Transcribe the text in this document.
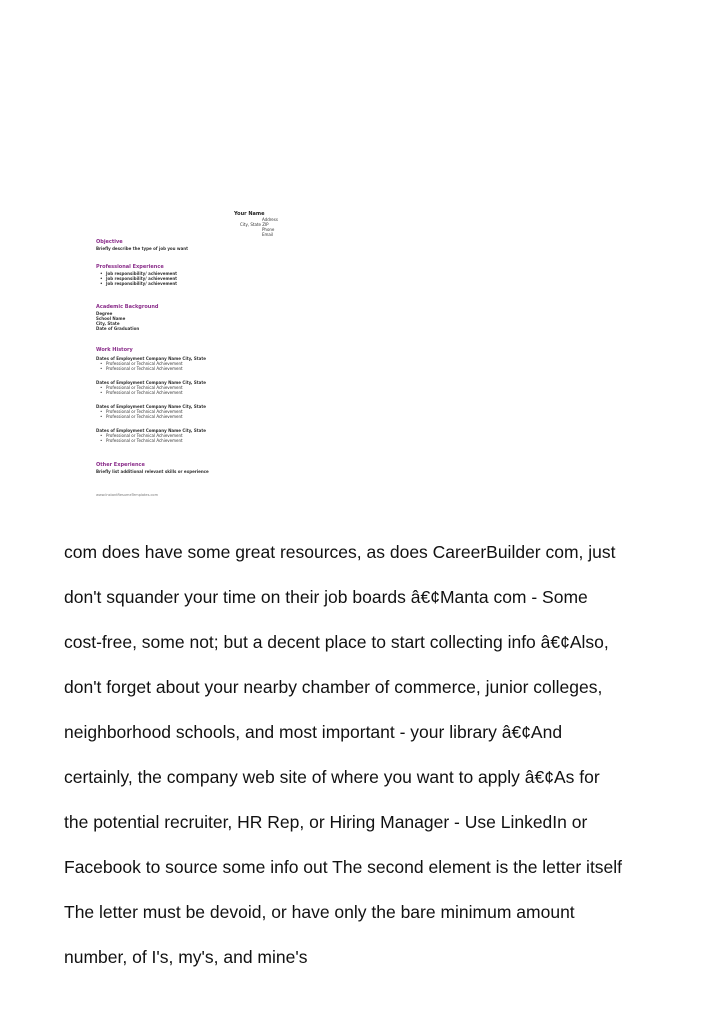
Your Name
Address
City, State ZIP
Phone
Email
Objective
Briefly describe the type of job you want
Professional Experience
• Job responsibility/ achievement
• Job responsibility/ achievement
• Job responsibility/ achievement
Academic Background
Degree
School Name
City, State
Date of Graduation
Work History
Dates of Employment Company Name City, State
• Professional or Technical Achievement
• Professional or Technical Achievement
Dates of Employment Company Name City, State
• Professional or Technical Achievement
• Professional or Technical Achievement
Dates of Employment Company Name City, State
• Professional or Technical Achievement
• Professional or Technical Achievement
Dates of Employment Company Name City, State
• Professional or Technical Achievement
• Professional or Technical Achievement
Other Experience
Briefly list additional relevant skills or experience
www.InstantResumeTemplates.com

com does have some great resources, as does CareerBuilder com, just

don't squander your time on their job boards â€¢Manta com - Some

cost-free, some not; but a decent place to start collecting info â€¢Also,

don't forget about your nearby chamber of commerce, junior colleges,

neighborhood schools, and most important - your library â€¢And

certainly, the company web site of where you want to apply â€¢As for

the potential recruiter, HR Rep, or Hiring Manager - Use LinkedIn or

Facebook to source some info out The second element is the letter itself

The letter must be devoid, or have only the bare minimum amount

number, of I's, my's, and mine's
